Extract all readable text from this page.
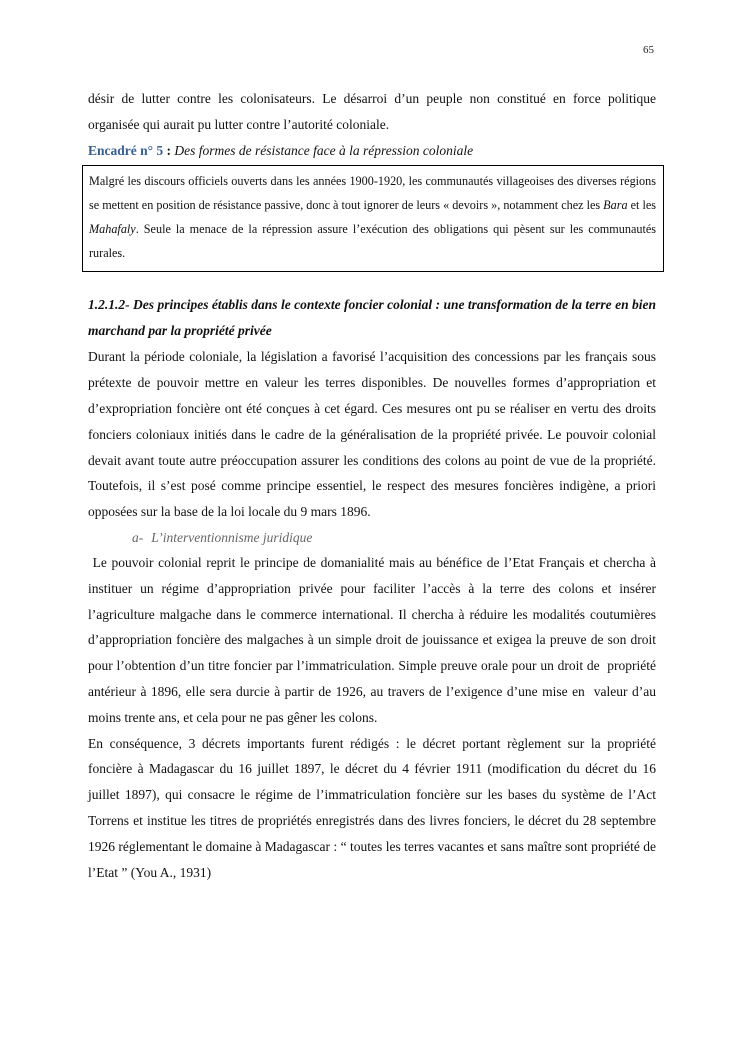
65

désir de lutter contre les colonisateurs. Le désarroi d’un peuple non constitué en force politique organisée qui aurait pu lutter contre l’autorité coloniale.

Encadré n° 5 : Des formes de résistance face à la répression coloniale

Malgré les discours officiels ouverts dans les années 1900-1920, les communautés villageoises des diverses régions se mettent en position de résistance passive, donc à tout ignorer de leurs « devoirs », notamment chez les Bara et les Mahafaly. Seule la menace de la répression assure l’exécution des obligations qui pèsent sur les communautés rurales.

1.2.1.2- Des principes établis dans le contexte foncier colonial : une transformation de la terre en bien marchand par la propriété privée

Durant la période coloniale, la législation a favorisé l’acquisition des concessions par les français sous prétexte de pouvoir mettre en valeur les terres disponibles. De nouvelles formes d’appropriation et d’expropriation foncière ont été conçues à cet égard. Ces mesures ont pu se réaliser en vertu des droits fonciers coloniaux initiés dans le cadre de la généralisation de la propriété privée. Le pouvoir colonial devait avant toute autre préoccupation assurer les conditions des colons au point de vue de la propriété. Toutefois, il s’est posé comme principe essentiel, le respect des mesures foncières indigène, a priori opposées sur la base de la loi locale du 9 mars 1896.

a- L’interventionnisme juridique

Le pouvoir colonial reprit le principe de domanialité mais au bénéfice de l’Etat Français et chercha à  instituer un régime d’appropriation privée pour faciliter l’accès à la terre des colons et insérer  l’agriculture malgache dans le commerce international. Il chercha à réduire les modalités coutumières  d’appropriation foncière des malgaches à un simple droit de jouissance et exigea la preuve de son droit pour l’obtention d’un titre foncier par l’immatriculation. Simple preuve orale pour un droit de  propriété antérieur à 1896, elle sera durcie à partir de 1926, au travers de l’exigence d’une mise en  valeur d’au moins trente ans, et cela pour ne pas gêner les colons.

En conséquence, 3 décrets importants furent rédigés : le décret portant règlement sur la propriété foncière à Madagascar du 16 juillet 1897, le décret du 4 février 1911 (modification du décret du 16 juillet 1897), qui consacre le régime de l’immatriculation foncière sur les bases du système de l’Act Torrens et institue les titres de propriétés enregistrés dans des livres fonciers, le décret du 28 septembre 1926 réglementant le domaine à Madagascar : “ toutes les terres vacantes et sans maître sont propriété de l’Etat ” (You A., 1931)
